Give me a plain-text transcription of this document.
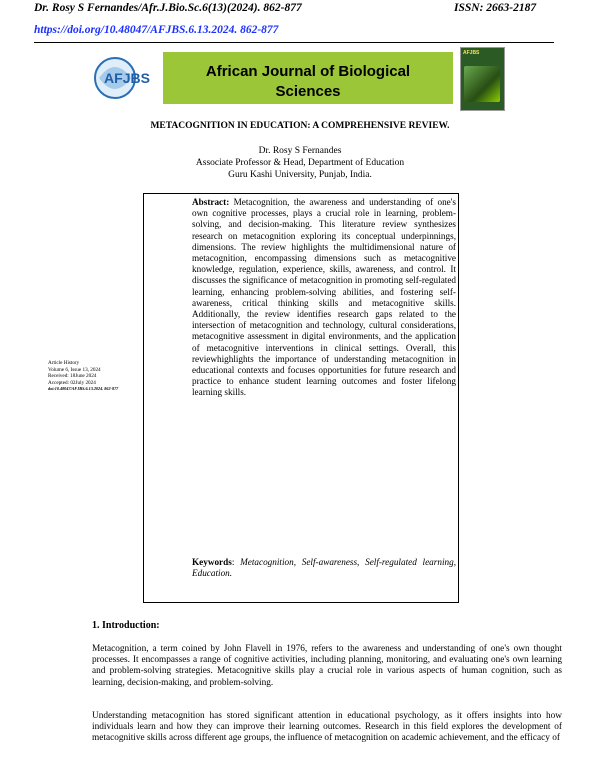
Dr. Rosy S Fernandes/Afr.J.Bio.Sc.6(13)(2024). 862-877	ISSN: 2663-2187
https://doi.org/10.48047/AFJBS.6.13.2024. 862-877
AFJBS	African Journal of Biological
Sciences
AFJBS
METACOGNITION IN EDUCATION: A COMPREHENSIVE REVIEW.
Dr. Rosy S Fernandes
Associate Professor & Head, Department of Education
Guru Kashi University, Punjab, India.
Abstract: Metacognition, the awareness and understanding of one's own cognitive processes, plays a crucial role in learning, problem-solving, and decision-making. This literature review synthesizes research on metacognition exploring its conceptual underpinnings, dimensions. The review highlights the multidimensional nature of metacognition, encompassing dimensions such as metacognitive knowledge, regulation, experience, skills, awareness, and control. It discusses the significance of metacognition in promoting self-regulated learning, enhancing problem-solving abilities, and fostering self-awareness, critical thinking skills and metacognitive skills. Additionally, the review identifies research gaps related to the intersection of metacognition and technology, cultural considerations, metacognitive assessment in digital environments, and the application of metacognitive interventions in clinical settings. Overall, this reviewhighlights the importance of understanding metacognition in educational contexts and focuses opportunities for future research and practice to enhance student learning outcomes and foster lifelong learning skills.
Keywords: Metacognition, Self-awareness, Self-regulated learning, Education.
Article History
Volume 6, Issue 13, 2024
Received: 18June 2024
Accepted: 02July 2024
doi:10.48047/AFJBS.6.13.2024. 862-877
1. Introduction:
Metacognition, a term coined by John Flavell in 1976, refers to the awareness and understanding of one's own thought processes. It encompasses a range of cognitive activities, including planning, monitoring, and evaluating one's own learning and problem-solving strategies. Metacognitive skills play a crucial role in various aspects of human cognition, such as learning, decision-making, and problem-solving.
Understanding metacognition has stored significant attention in educational psychology, as it offers insights into how individuals learn and how they can improve their learning outcomes. Research in this field explores the development of metacognitive skills across different age groups, the influence of metacognition on academic achievement, and the efficacy of
